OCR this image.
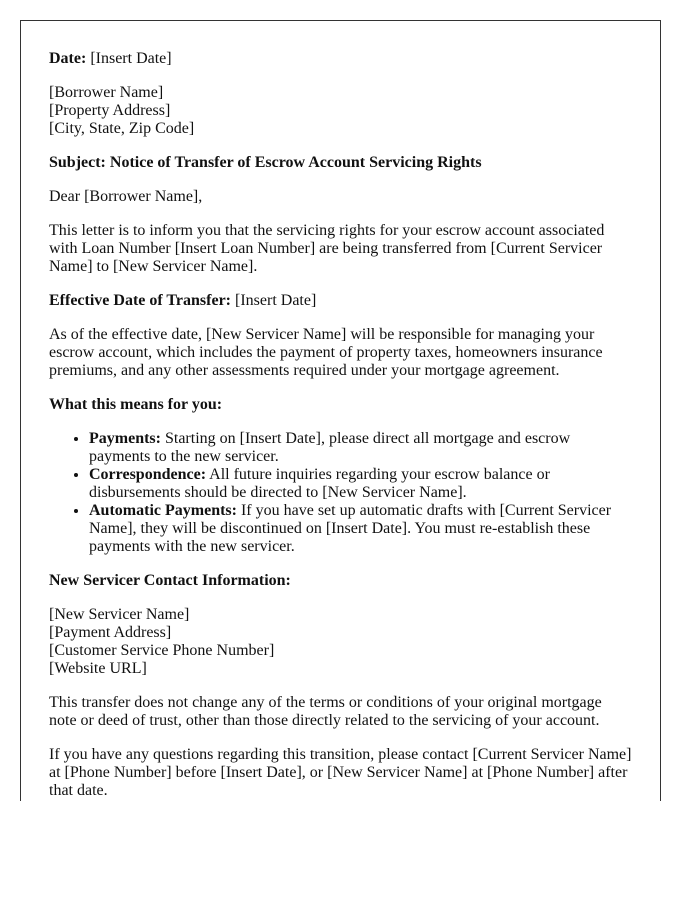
Date: [Insert Date]

[Borrower Name]
[Property Address]
[City, State, Zip Code]

Subject: Notice of Transfer of Escrow Account Servicing Rights

Dear [Borrower Name],

This letter is to inform you that the servicing rights for your escrow account associated with Loan Number [Insert Loan Number] are being transferred from [Current Servicer Name] to [New Servicer Name].

Effective Date of Transfer: [Insert Date]

As of the effective date, [New Servicer Name] will be responsible for managing your escrow account, which includes the payment of property taxes, homeowners insurance premiums, and any other assessments required under your mortgage agreement.

What this means for you:
• Payments: Starting on [Insert Date], please direct all mortgage and escrow payments to the new servicer.
• Correspondence: All future inquiries regarding your escrow balance or disbursements should be directed to [New Servicer Name].
• Automatic Payments: If you have set up automatic drafts with [Current Servicer Name], they will be discontinued on [Insert Date]. You must re-establish these payments with the new servicer.
New Servicer Contact Information:

[New Servicer Name]
[Payment Address]
[Customer Service Phone Number]
[Website URL]

This transfer does not change any of the terms or conditions of your original mortgage note or deed of trust, other than those directly related to the servicing of your account.

If you have any questions regarding this transition, please contact [Current Servicer Name] at [Phone Number] before [Insert Date], or [New Servicer Name] at [Phone Number] after that date.
